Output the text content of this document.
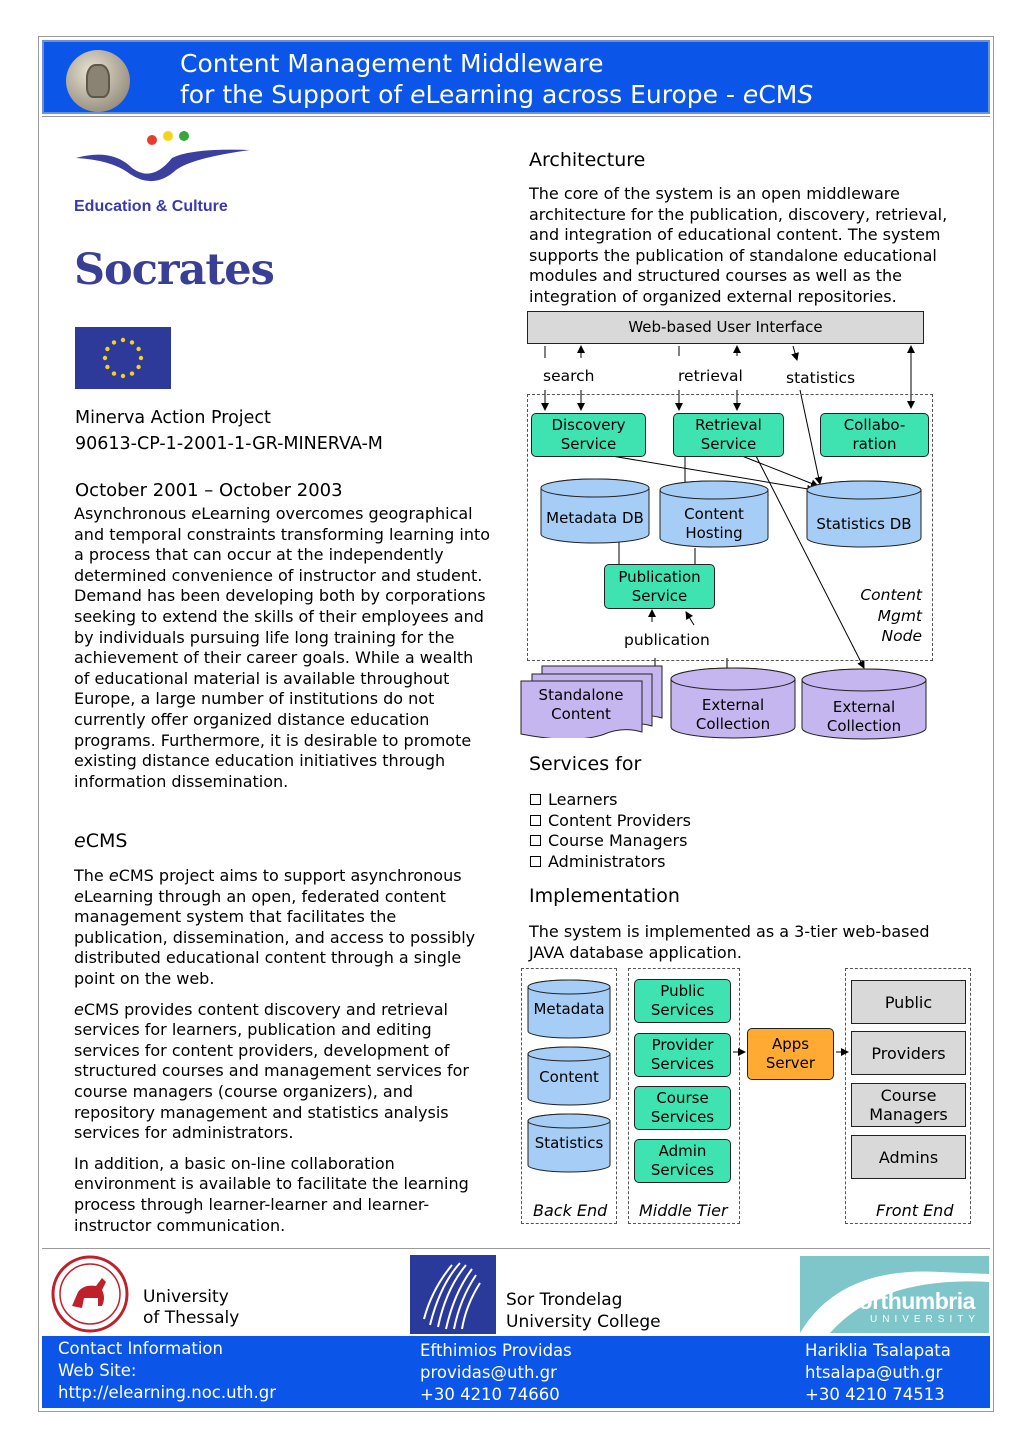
Content Management Middleware
for the Support of eLearning across Europe - eCMS
Education & Culture
Socrates
Minerva Action Project
90613-CP-1-2001-1-GR-MINERVA-M
October 2001 – October 2003
Asynchronous eLearning overcomes geographical and temporal constraints transforming learning into a process that can occur at the independently determined convenience of instructor and student. Demand has been developing both by corporations seeking to extend the skills of their employees and by individuals pursuing life long training for the achievement of their career goals. While a wealth of educational material is available throughout Europe, a large number of institutions do not currently offer organized distance education programs. Furthermore, it is desirable to promote existing distance education initiatives through information dissemination.
eCMS

The eCMS project aims to support asynchronous eLearning through an open, federated content management system that facilitates the publication, dissemination, and access to possibly distributed educational content through a single point on the web.

eCMS provides content discovery and retrieval services for learners, publication and editing services for content providers, development of structured courses and management services for course managers (course organizers), and repository management and statistics analysis services for administrators.

In addition, a basic on-line collaboration environment is available to facilitate the learning process through learner-learner and learner-instructor communication.

Architecture
The core of the system is an open middleware architecture for the publication, discovery, retrieval, and integration of educational content. The system supports the publication of standalone educational modules and structured courses as well as the integration of organized external repositories.
Web-based User Interface
search	retrieval	statistics
Discovery Service
Retrieval Service
Collabo- ration
Metadata DB	Content Hosting
Statistics DB
Publication Service	Content Mgmt Node
publication
Standalone Content	External Collection
External Collection
Services for
Learners
Content Providers
Course Managers
Administrators
Implementation
The system is implemented as a 3-tier web-based JAVA database application.
Metadata
Content
Statistics
Public Services
Provider Services
Course Services
Admin Services
Apps Server
Public
Providers
Course Managers
Admins
Back End Middle Tier	Front End
University
of Thessaly
Sor Trondelag
University College
northumbria
UNIVERSITY
Contact Information
Web Site:
http://elearning.noc.uth.gr
Efthimios Providas
providas@uth.gr
+30 4210 74660
Hariklia Tsalapata
htsalapa@uth.gr
+30 4210 74513
